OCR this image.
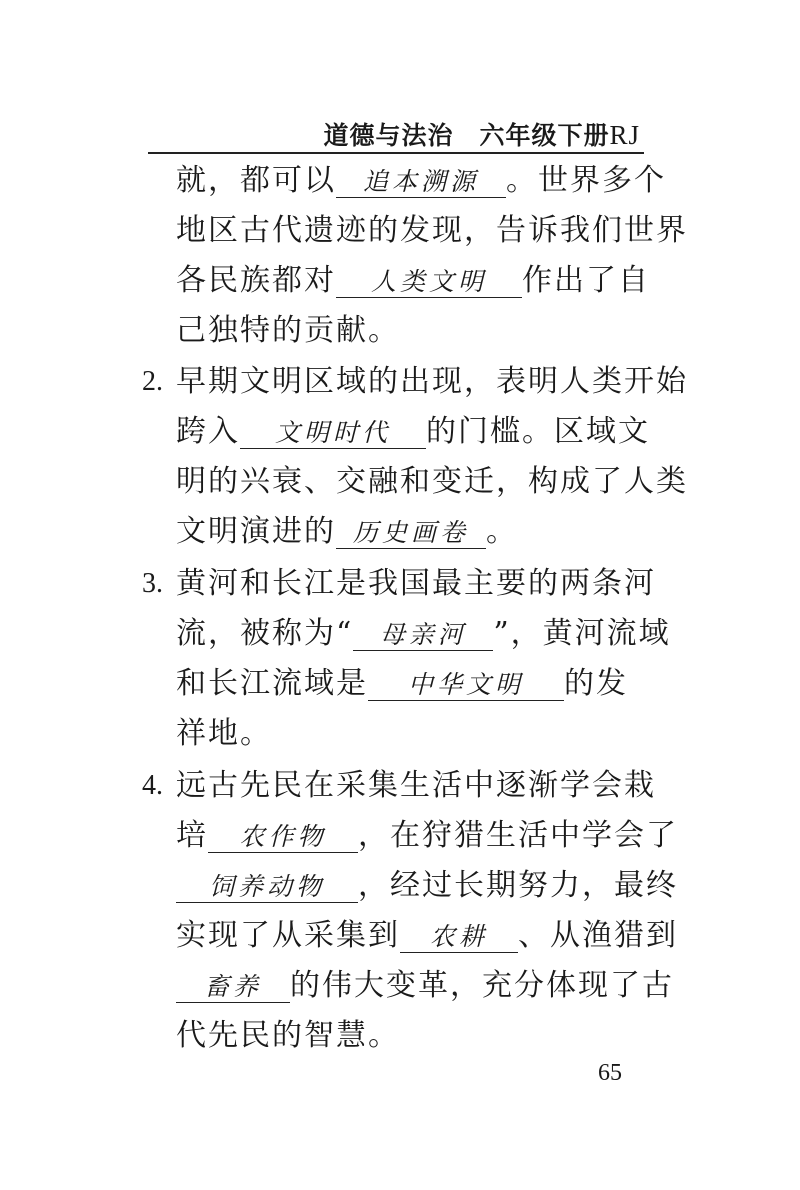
道德与法治 六年级下册RJ
就，都可以 追本溯源 。世界多个
地区古代遗迹的发现，告诉我们世界
各民族都对 人类文明 作出了自
己独特的贡献。
2. 早期文明区域的出现，表明人类开始
跨入 文明时代 的门槛。区域文
明的兴衰、交融和变迁，构成了人类
文明演进的 历史画卷 。
3. 黄河和长江是我国最主要的两条河
流，被称为“ 母亲河 ”，黄河流域
和长江流域是 中华文明 的发
祥地。
4. 远古先民在采集生活中逐渐学会栽
培 农作物 ，在狩猎生活中学会了
饲养动物 ，经过长期努力，最终
实现了从采集到 农耕 、从渔猎到
畜养 的伟大变革，充分体现了古
代先民的智慧。
65
